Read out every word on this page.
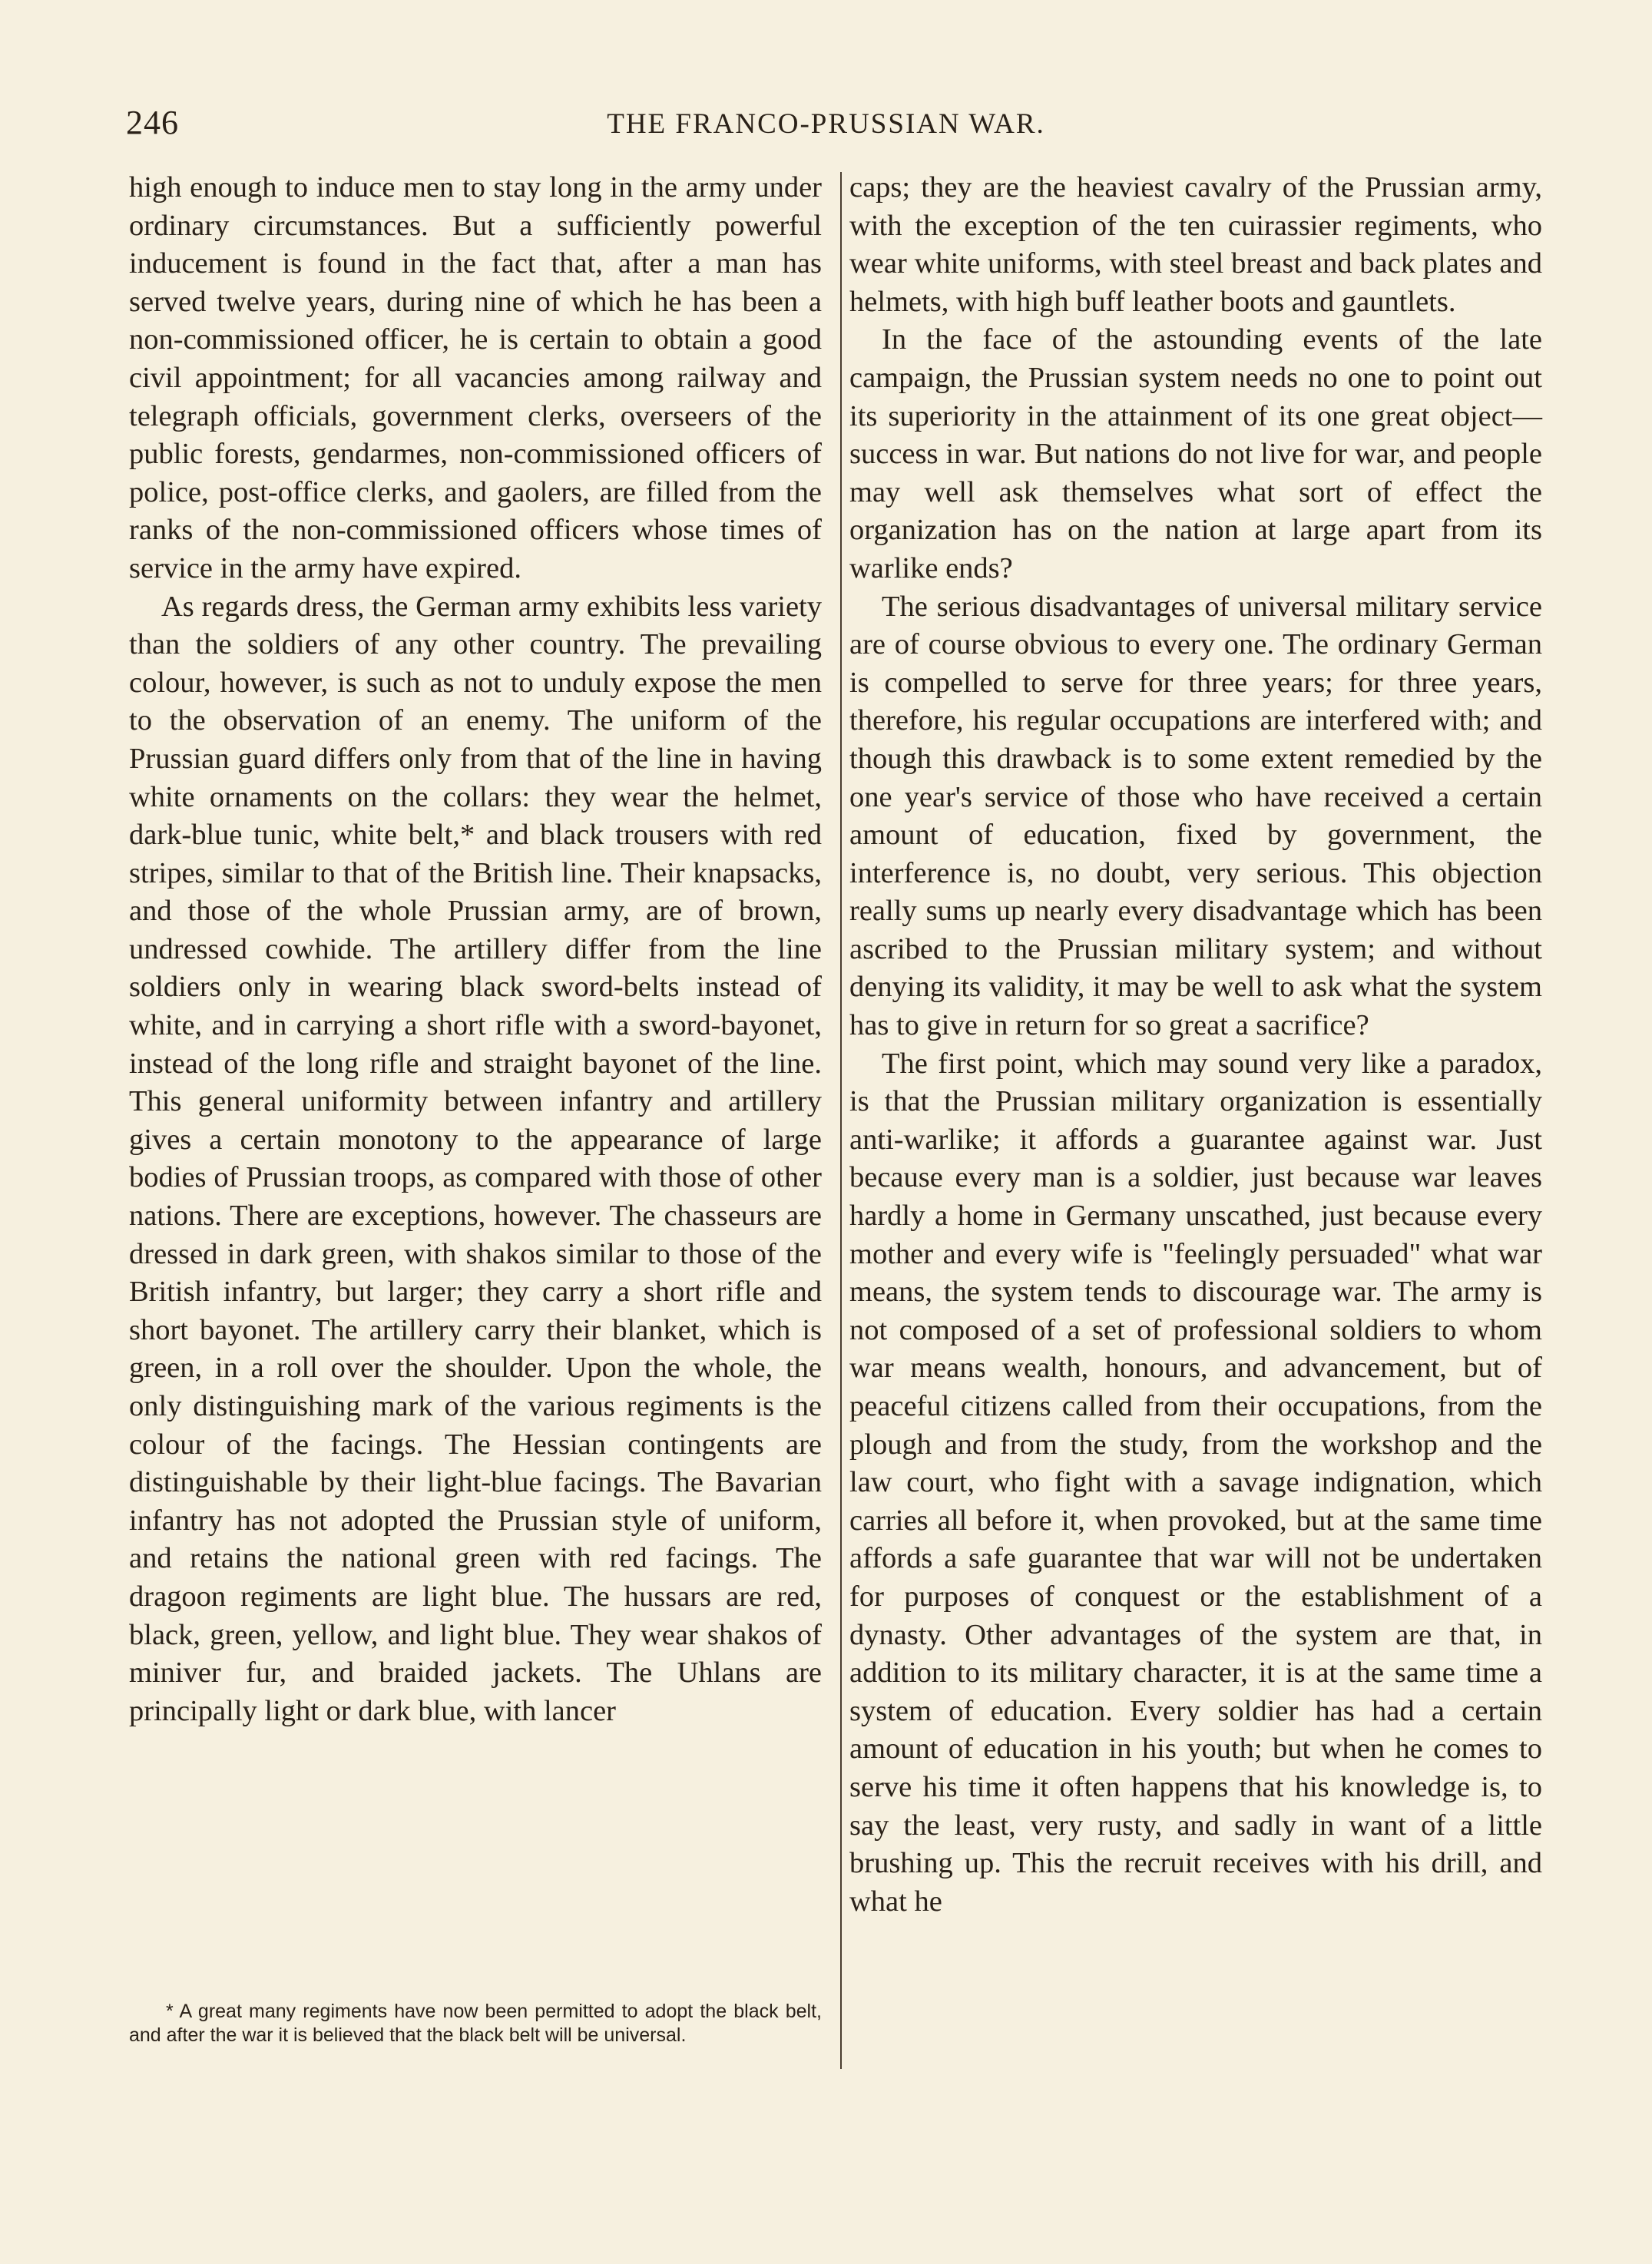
246	THE FRANCO-PRUSSIAN WAR.

high enough to induce men to stay long in the army under ordinary circumstances. But a sufficiently powerful inducement is found in the fact that, after a man has served twelve years, during nine of which he has been a non-commissioned officer, he is certain to obtain a good civil appointment; for all vacancies among railway and telegraph officials, government clerks, overseers of the public forests, gendarmes, non-commissioned officers of police, post-office clerks, and gaolers, are filled from the ranks of the non-commissioned officers whose times of service in the army have expired.

As regards dress, the German army exhibits less variety than the soldiers of any other country. The prevailing colour, however, is such as not to unduly expose the men to the observation of an enemy. The uniform of the Prussian guard differs only from that of the line in having white ornaments on the collars: they wear the helmet, dark-blue tunic, white belt,* and black trousers with red stripes, similar to that of the British line. Their knapsacks, and those of the whole Prussian army, are of brown, undressed cowhide. The artillery differ from the line soldiers only in wearing black sword-belts instead of white, and in carrying a short rifle with a sword-bayonet, instead of the long rifle and straight bayonet of the line. This general uniformity between infantry and artillery gives a certain monotony to the appearance of large bodies of Prussian troops, as compared with those of other nations. There are exceptions, however. The chasseurs are dressed in dark green, with shakos similar to those of the British infantry, but larger; they carry a short rifle and short bayonet. The artillery carry their blanket, which is green, in a roll over the shoulder. Upon the whole, the only distinguishing mark of the various regiments is the colour of the facings. The Hessian contingents are distinguishable by their light-blue facings. The Bavarian infantry has not adopted the Prussian style of uniform, and retains the national green with red facings. The dragoon regiments are light blue. The hussars are red, black, green, yellow, and light blue. They wear shakos of miniver fur, and braided jackets. The Uhlans are principally light or dark blue, with lancer

caps; they are the heaviest cavalry of the Prussian army, with the exception of the ten cuirassier regiments, who wear white uniforms, with steel breast and back plates and helmets, with high buff leather boots and gauntlets.

In the face of the astounding events of the late campaign, the Prussian system needs no one to point out its superiority in the attainment of its one great object—success in war. But nations do not live for war, and people may well ask themselves what sort of effect the organization has on the nation at large apart from its warlike ends?

The serious disadvantages of universal military service are of course obvious to every one. The ordinary German is compelled to serve for three years; for three years, therefore, his regular occupations are interfered with; and though this drawback is to some extent remedied by the one year's service of those who have received a certain amount of education, fixed by government, the interference is, no doubt, very serious. This objection really sums up nearly every disadvantage which has been ascribed to the Prussian military system; and without denying its validity, it may be well to ask what the system has to give in return for so great a sacrifice?

The first point, which may sound very like a paradox, is that the Prussian military organization is essentially anti-warlike; it affords a guarantee against war. Just because every man is a soldier, just because war leaves hardly a home in Germany unscathed, just because every mother and every wife is "feelingly persuaded" what war means, the system tends to discourage war. The army is not composed of a set of professional soldiers to whom war means wealth, honours, and advancement, but of peaceful citizens called from their occupations, from the plough and from the study, from the workshop and the law court, who fight with a savage indignation, which carries all before it, when provoked, but at the same time affords a safe guarantee that war will not be undertaken for purposes of conquest or the establishment of a dynasty. Other advantages of the system are that, in addition to its military character, it is at the same time a system of education. Every soldier has had a certain amount of education in his youth; but when he comes to serve his time it often happens that his knowledge is, to say the least, very rusty, and sadly in want of a little brushing up. This the recruit receives with his drill, and what he

* A great many regiments have now been permitted to adopt the black belt, and after the war it is believed that the black belt will be universal.
